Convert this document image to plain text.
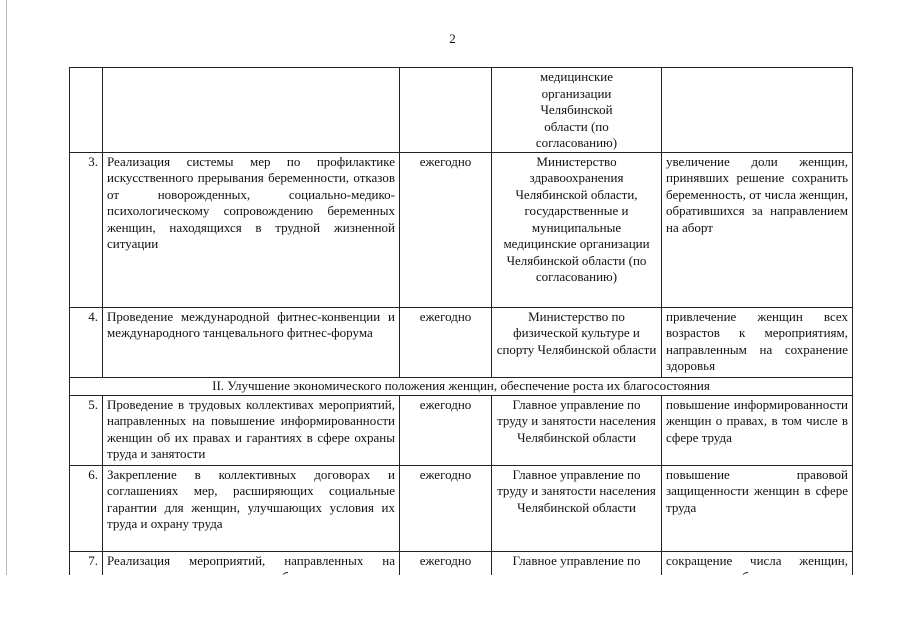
2
			медицинские организации Челябинской области (по согласованию)	
3.	Реализация системы мер по профилактике искусственного прерывания беременности, отказов от новорожденных, социально-медико-психологическому сопровождению беременных женщин, находящихся в трудной жизненной ситуации	ежегодно	Министерство здравоохранения Челябинской области, государственные и муниципальные медицинские организации Челябинской области (по согласованию)	увеличение доли женщин, принявших решение сохранить беременность, от числа женщин, обратившихся за направлением на аборт
4.	Проведение международной фитнес-конвенции и международного танцевального фитнес-форума	ежегодно	Министерство по физической культуре и спорту Челябинской области	привлечение женщин всех возрастов к мероприятиям, направленным на сохранение здоровья
II. Улучшение экономического положения женщин, обеспечение роста их благосостояния				
5.	Проведение в трудовых коллективах мероприятий, направленных на повышение информированности женщин об их правах и гарантиях в сфере охраны труда и занятости	ежегодно	Главное управление по труду и занятости населения Челябинской области	повышение информированности женщин о правах, в том числе в сфере труда
6.	Закрепление в коллективных договорах и соглашениях мер, расширяющих социальные гарантии для женщин, улучшающих условия их труда и охрану труда	ежегодно	Главное управление по труду и занятости населения Челябинской области	повышение правовой защищенности женщин в сфере труда
7.	Реализация мероприятий, направленных на	ежегодно	Главное управление по	сокращение числа женщин,
